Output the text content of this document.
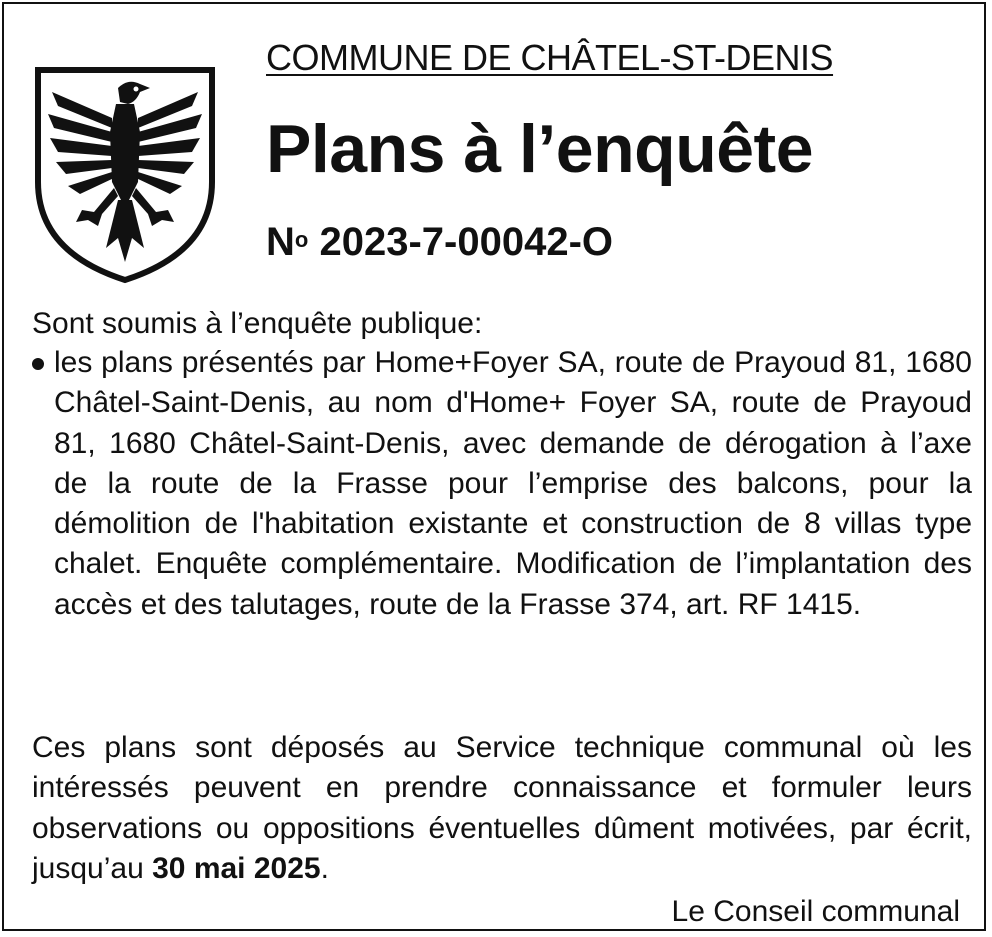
COMMUNE DE CHÂTEL-ST-DENIS
Plans à l’enquête
$N^o$ 2023-7-00042-O
Sont soumis à l’enquête publique:
les plans présentés par Home+Foyer SA, route de Prayoud 81, 1680 Châtel-Saint-Denis, au nom d'Home+ Foyer SA, route de Prayoud 81, 1680 Châtel-Saint-Denis, avec demande de dérogation à l’axe de la route de la Frasse pour l’emprise des balcons, pour la démolition de l'habitation existante et construction de 8 villas type chalet. Enquête complémentaire. Modification de l’implantation des accès et des talutages, route de la Frasse 374, art. RF 1415.

Ces plans sont déposés au Service technique communal où les intéressés peuvent en prendre connaissance et formuler leurs observations ou oppositions éventuelles dûment motivées, par écrit, jusqu’au 30 mai 2025.

Le Conseil communal
